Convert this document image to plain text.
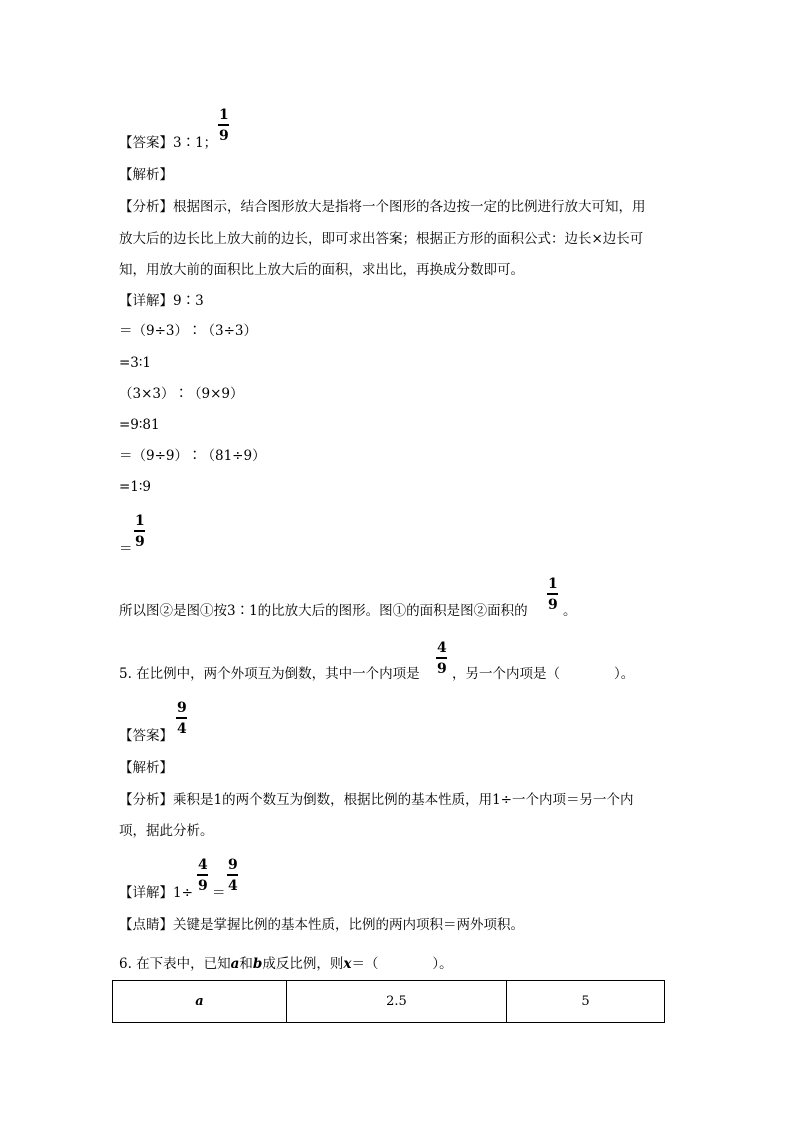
【答案】3∶1；
1
9
【解析】
【分析】根据图示，结合图形放大是指将一个图形的各边按一定的比例进行放大可知，用
放大后的边长比上放大前的边长，即可求出答案；根据正方形的面积公式：边长×边长可
知，用放大前的面积比上放大后的面积，求出比，再换成分数即可。
【详解】9∶3
＝（9÷3）∶（3÷3）
=3∶1
（3×3）∶（9×9）
=9∶81
＝（9÷9）∶（81÷9）
=1∶9
＝
1
9
所以图②是图①按3∶1的比放大后的图形。图①的面积是图②面积的
1
9 。
5. 在比例中，两个外项互为倒数，其中一个内项是
4
9 ，另一个内项是（　　　　）。
【答案】
9
4
【解析】
【分析】乘积是1的两个数互为倒数，根据比例的基本性质，用1÷一个内项＝另一个内
项，据此分析。
【详解】1÷
4
9 ＝
9
4
【点睛】关键是掌握比例的基本性质，比例的两内项积＝两外项积。
6. 在下表中，已知a和b成反比例，则x＝（　　　　）。
a	2.5	5
